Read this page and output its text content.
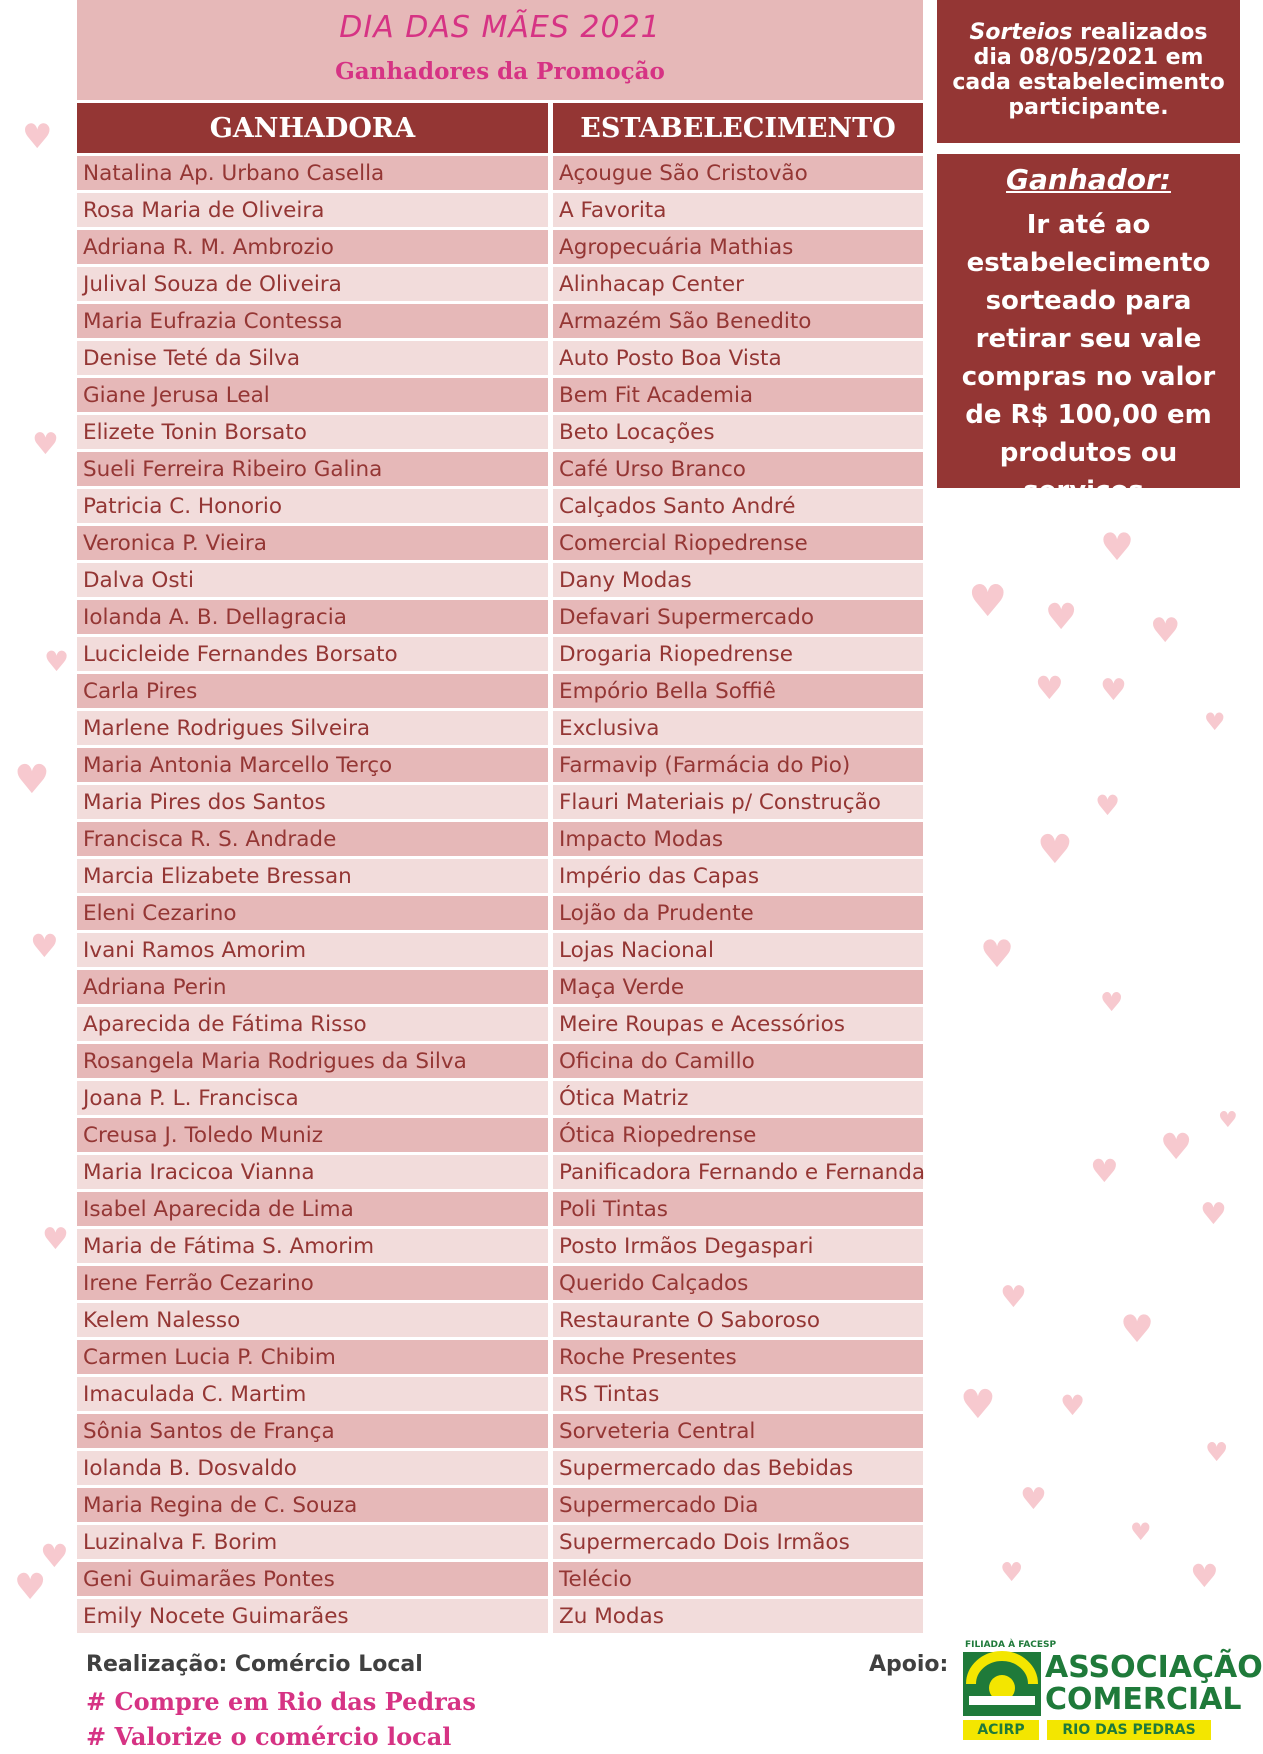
♥
♥
♥
♥
♥
♥
♥
♥
♥
♥ ♥ ♥
♥ ♥
♥
♥
♥
♥
♥
♥
♥
♥
♥
♥
♥
♥ ♥
♥
♥
♥
♥	♥
DIA DAS MÃES 2021
Ganhadores da Promoção
GANHADORA	ESTABELECIMENTO
Natalina Ap. Urbano Casella	Açougue São Cristovão
Rosa Maria de Oliveira	A Favorita
Adriana R. M. Ambrozio	Agropecuária Mathias
Julival Souza de Oliveira	Alinhacap Center
Maria Eufrazia Contessa	Armazém São Benedito
Denise Teté da Silva	Auto Posto Boa Vista
Giane Jerusa Leal	Bem Fit Academia
Elizete Tonin Borsato	Beto Locações
Sueli Ferreira Ribeiro Galina	Café Urso Branco
Patricia C. Honorio	Calçados Santo André
Veronica P. Vieira	Comercial Riopedrense
Dalva Osti	Dany Modas
Iolanda A. B. Dellagracia	Defavari Supermercado
Lucicleide Fernandes Borsato	Drogaria Riopedrense
Carla Pires	Empório Bella Soffiê
Marlene Rodrigues Silveira	Exclusiva
Maria Antonia Marcello Terço	Farmavip (Farmácia do Pio)
Maria Pires dos Santos	Flauri Materiais p/ Construção
Francisca R. S. Andrade	Impacto Modas
Marcia Elizabete Bressan	Império das Capas
Eleni Cezarino	Lojão da Prudente
Ivani Ramos Amorim	Lojas Nacional
Adriana Perin	Maça Verde
Aparecida de Fátima Risso	Meire Roupas e Acessórios
Rosangela Maria Rodrigues da Silva	Oficina do Camillo
Joana P. L. Francisca	Ótica Matriz
Creusa J. Toledo Muniz	Ótica Riopedrense
Maria Iracicoa Vianna	Panificadora Fernando e Fernanda
Isabel Aparecida de Lima	Poli Tintas
Maria de Fátima S. Amorim	Posto Irmãos Degaspari
Irene Ferrão Cezarino	Querido Calçados
Kelem Nalesso	Restaurante O Saboroso
Carmen Lucia P. Chibim	Roche Presentes
Imaculada C. Martim	RS Tintas
Sônia Santos de França	Sorveteria Central
Iolanda B. Dosvaldo	Supermercado das Bebidas
Maria Regina de C. Souza	Supermercado Dia
Luzinalva F. Borim	Supermercado Dois Irmãos
Geni Guimarães Pontes	Telécio
Emily Nocete Guimarães	Zu Modas
Sorteios realizados dia 08/05/2021 em cada estabelecimento participante.
Ganhador:
Ir até ao estabelecimento sorteado para retirar seu vale compras no valor de R$ 100,00 em produtos ou serviços.
Realização: Comércio Local
# Compre em Rio das Pedras
# Valorize o comércio local
Apoio:
FILIADA À FACESP
ASSOCIAÇÃO
COMERCIAL
ACIRP	RIO DAS PEDRAS
